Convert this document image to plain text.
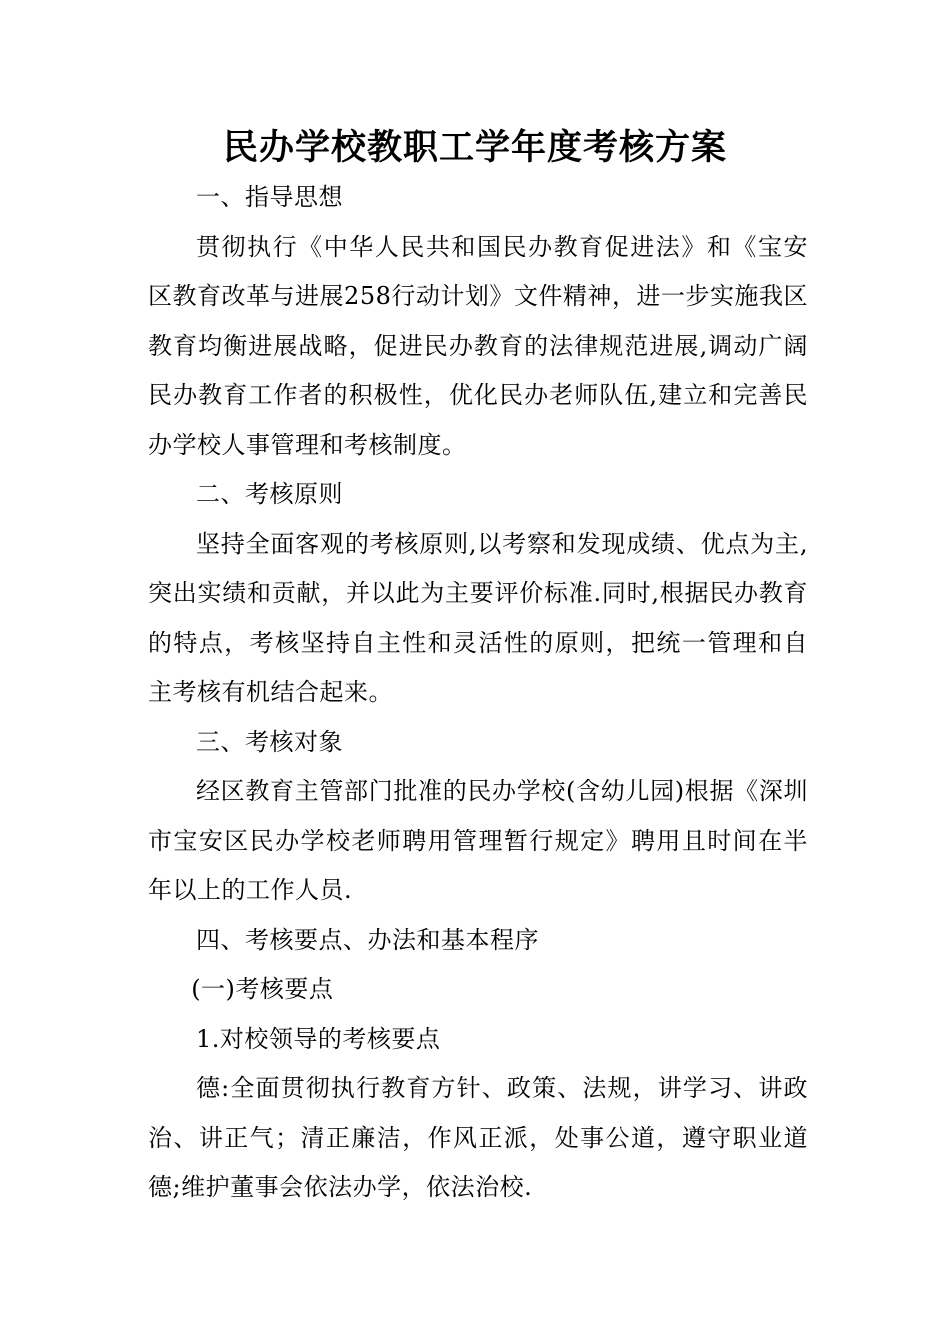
民办学校教职工学年度考核方案

一、指导思想

贯彻执行《中华人民共和国民办教育促进法》和《宝安区教育改革与进展258行动计划》文件精神，进一步实施我区教育均衡进展战略，促进民办教育的法律规范进展,调动广阔民办教育工作者的积极性，优化民办老师队伍,建立和完善民办学校人事管理和考核制度。

二、考核原则

坚持全面客观的考核原则,以考察和发现成绩、优点为主,突出实绩和贡献，并以此为主要评价标准.同时,根据民办教育的特点，考核坚持自主性和灵活性的原则，把统一管理和自主考核有机结合起来。

三、考核对象

经区教育主管部门批准的民办学校(含幼儿园)根据《深圳市宝安区民办学校老师聘用管理暂行规定》聘用且时间在半年以上的工作人员.

四、考核要点、办法和基本程序

(一)考核要点

1.对校领导的考核要点

德:全面贯彻执行教育方针、政策、法规，讲学习、讲政治、讲正气；清正廉洁，作风正派，处事公道，遵守职业道德;维护董事会依法办学，依法治校.
